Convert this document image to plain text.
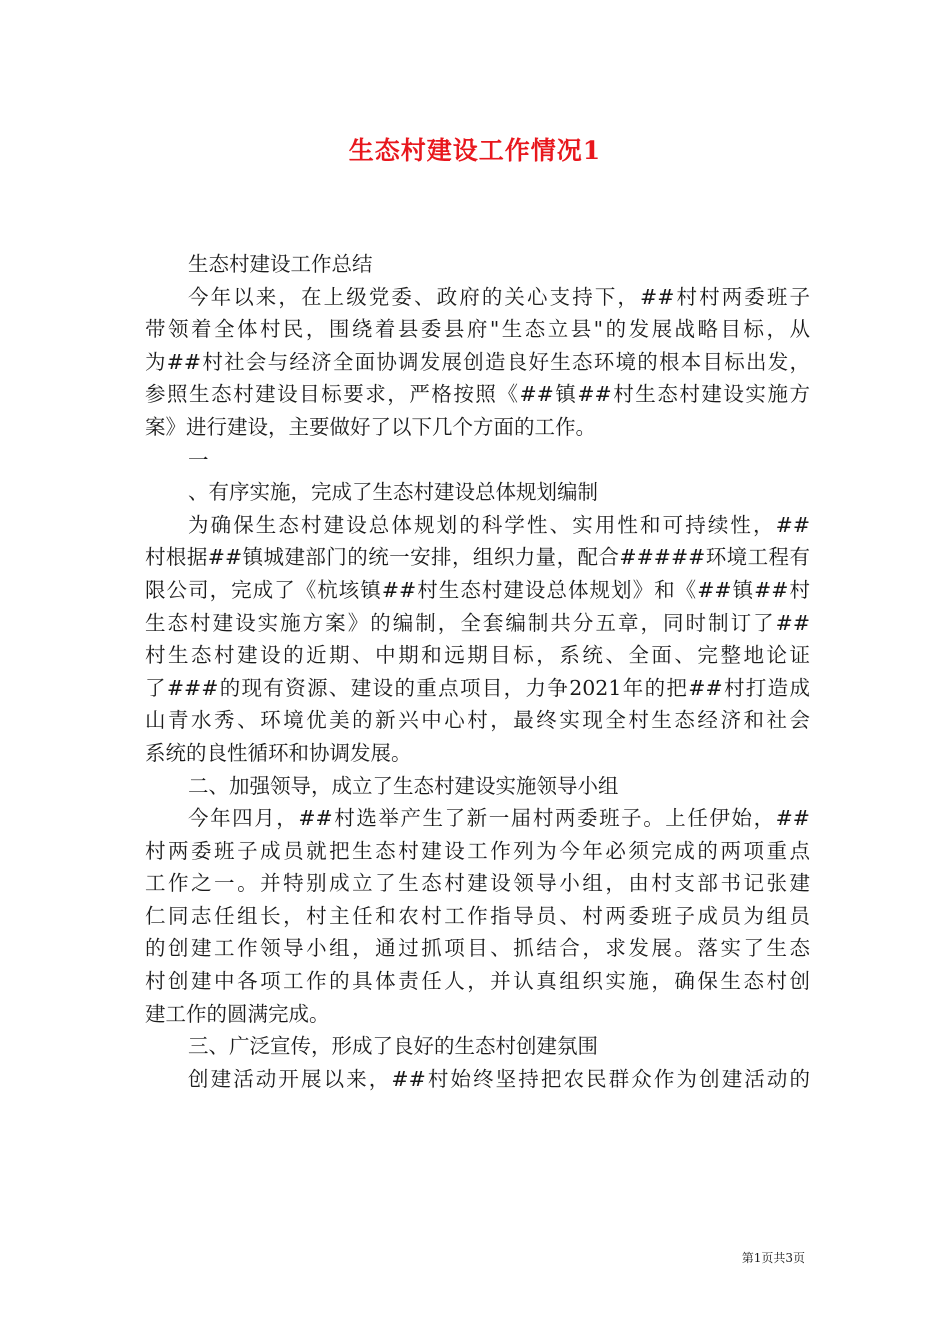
生态村建设工作情况1
生态村建设工作总结
今年以来，在上级党委、政府的关心支持下，##村村两委班子
带领着全体村民，围绕着县委县府"生态立县"的发展战略目标，从
为##村社会与经济全面协调发展创造良好生态环境的根本目标出发，
参照生态村建设目标要求，严格按照《##镇##村生态村建设实施方
案》进行建设，主要做好了以下几个方面的工作。
一
、有序实施，完成了生态村建设总体规划编制
为确保生态村建设总体规划的科学性、实用性和可持续性，##
村根据##镇城建部门的统一安排，组织力量，配合#####环境工程有
限公司，完成了《杭垓镇##村生态村建设总体规划》和《##镇##村
生态村建设实施方案》的编制，全套编制共分五章，同时制订了##
村生态村建设的近期、中期和远期目标，系统、全面、完整地论证
了###的现有资源、建设的重点项目，力争2021年的把##村打造成
山青水秀、环境优美的新兴中心村，最终实现全村生态经济和社会
系统的良性循环和协调发展。
二、加强领导，成立了生态村建设实施领导小组
今年四月，##村选举产生了新一届村两委班子。上任伊始，##
村两委班子成员就把生态村建设工作列为今年必须完成的两项重点
工作之一。并特别成立了生态村建设领导小组，由村支部书记张建
仁同志任组长，村主任和农村工作指导员、村两委班子成员为组员
的创建工作领导小组，通过抓项目、抓结合，求发展。落实了生态
村创建中各项工作的具体责任人，并认真组织实施，确保生态村创
建工作的圆满完成。
三、广泛宣传，形成了良好的生态村创建氛围
创建活动开展以来，##村始终坚持把农民群众作为创建活动的
第1页共3页
